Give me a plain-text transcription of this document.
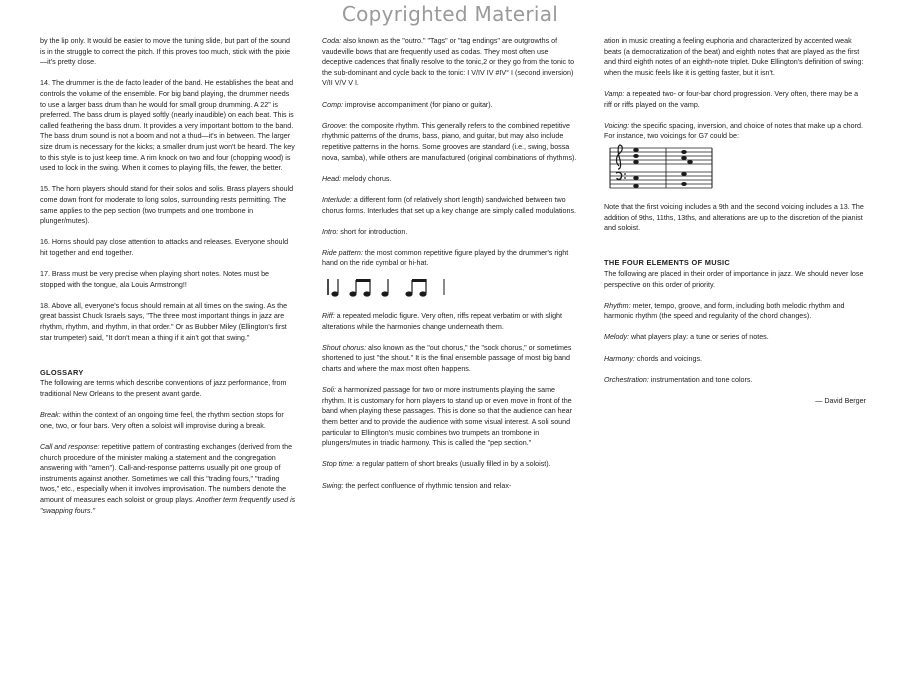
Copyrighted Material

by the lip only. It would be easier to move the tuning slide, but part of the sound is in the struggle to correct the pitch. If this proves too much, stick with the pixie—it's pretty close.

14. The drummer is the de facto leader of the band. He establishes the beat and controls the volume of the ensemble. For big band playing, the drummer needs to use a larger bass drum than he would for small group drumming. A 22" is preferred. The bass drum is played softly (nearly inaudible) on each beat. This is called feathering the bass drum. It provides a very important bottom to the band. The bass drum sound is not a boom and not a thud—it's in between. The larger size drum is necessary for the kicks; a smaller drum just won't be heard. The key to this style is to just keep time. A rim knock on two and four (chopping wood) is used to lock in the swing. When it comes to playing fills, the fewer, the better.

15. The horn players should stand for their solos and solis. Brass players should come down front for moderate to long solos, surrounding rests permitting. The same applies to the pep section (two trumpets and one trombone in plunger/mutes).

16. Horns should pay close attention to attacks and releases. Everyone should hit together and end together.

17. Brass must be very precise when playing short notes. Notes must be stopped with the tongue, ala Louis Armstrong!!

18. Above all, everyone's focus should remain at all times on the swing. As the great bassist Chuck Israels says, "The three most important things in jazz are rhythm, rhythm, and rhythm, in that order." Or as Bubber Miley (Ellington's first star trumpeter) said, "It don't mean a thing if it ain't got that swing."

GLOSSARY

The following are terms which describe conventions of jazz performance, from traditional New Orleans to the present avant garde.

Break: within the context of an ongoing time feel, the rhythm section stops for one, two, or four bars. Very often a soloist will improvise during a break.

Call and response: repetitive pattern of contrasting exchanges (derived from the church procedure of the minister making a statement and the congregation answering with "amen"). Call-and-response patterns usually pit one group of instruments against another. Sometimes we call this "trading fours," "trading twos," etc., especially when it involves improvisation. The numbers denote the amount of measures each soloist or group plays. Another term frequently used is "swapping fours."

Coda: also known as the "outro." "Tags" or "tag endings" are outgrowths of vaudeville bows that are frequently used as codas. They most often use deceptive cadences that finally resolve to the tonic,2 or they go from the tonic to the sub-dominant and cycle back to the tonic: I V/IV IV #IV° I (second inversion) V/II V/V V I.

Comp: improvise accompaniment (for piano or guitar).

Groove: the composite rhythm. This generally refers to the combined repetitive rhythmic patterns of the drums, bass, piano, and guitar, but may also include repetitive patterns in the horns. Some grooves are standard (i.e., swing, bossa nova, samba), while others are manufactured (original combinations of rhythms).

Head: melody chorus.

Interlude: a different form (of relatively short length) sandwiched between two chorus forms. Interludes that set up a key change are simply called modulations.

Intro: short for introduction.

Ride pattern: the most common repetitive figure played by the drummer's right hand on the ride cymbal or hi-hat.

Riff: a repeated melodic figure. Very often, riffs repeat verbatim or with slight alterations while the harmonies change underneath them.

Shout chorus: also known as the "out chorus," the "sock chorus," or sometimes shortened to just "the shout." It is the final ensemble passage of most big band charts and where the max most often happens.

Soli: a harmonized passage for two or more instruments playing the same rhythm. It is customary for horn players to stand up or even move in front of the band when playing these passages. This is done so that the audience can hear them better and to provide the audience with some visual interest. A soli sound particular to Ellington's music combines two trumpets an trombone in plungers/mutes in triadic harmony. This is called the "pep section."

Stop time: a regular pattern of short breaks (usually filled in by a soloist).

Swing: the perfect confluence of rhythmic tension and relax-

ation in music creating a feeling euphoria and characterized by accented weak beats (a democratization of the beat) and eighth notes that are played as the first and third eighth notes of an eighth-note triplet. Duke Ellington's definition of swing: when the music feels like it is getting faster, but it isn't.

Vamp: a repeated two- or four-bar chord progression. Very often, there may be a riff or riffs played on the vamp.

Voicing: the specific spacing, inversion, and choice of notes that make up a chord. For instance, two voicings for G7 could be:

Note that the first voicing includes a 9th and the second voicing includes a 13. The addition of 9ths, 11ths, 13ths, and alterations are up to the discretion of the pianist and soloist.

THE FOUR ELEMENTS OF MUSIC

The following are placed in their order of importance in jazz. We should never lose perspective on this order of priority.

Rhythm: meter, tempo, groove, and form, including both melodic rhythm and harmonic rhythm (the speed and regularity of the chord changes).

Melody: what players play: a tune or series of notes.

Harmony: chords and voicings.

Orchestration: instrumentation and tone colors.

— David Berger
